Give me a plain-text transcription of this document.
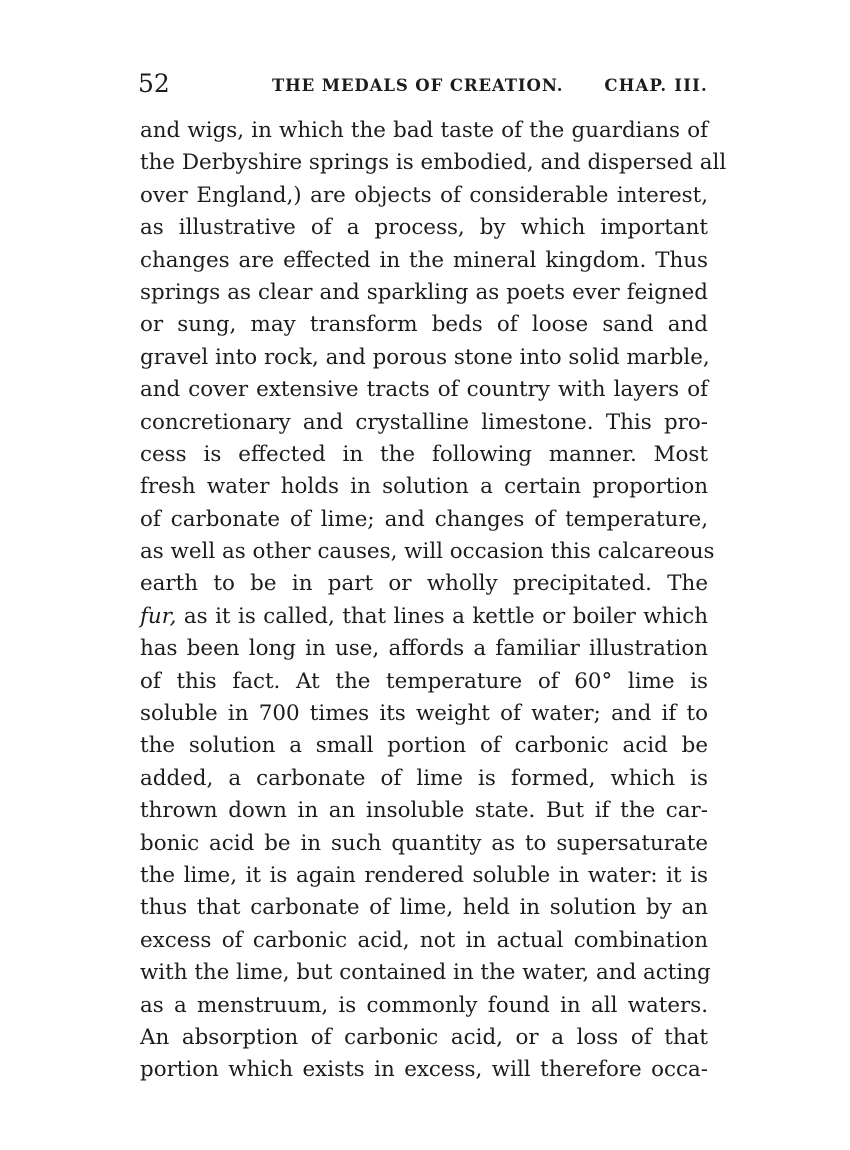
52	THE MEDALS OF CREATION. CHAP. III.
and wigs, in which the bad taste of the guardians of
the Derbyshire springs is embodied, and dispersed all
over England,) are objects of considerable interest,
as illustrative of a process, by which important
changes are effected in the mineral kingdom. Thus
springs as clear and sparkling as poets ever feigned
or sung, may transform beds of loose sand and
gravel into rock, and porous stone into solid marble,
and cover extensive tracts of country with layers of
concretionary and crystalline limestone. This pro-
cess is effected in the following manner. Most
fresh water holds in solution a certain proportion
of carbonate of lime; and changes of temperature,
as well as other causes, will occasion this calcareous
earth to be in part or wholly precipitated. The
fur, as it is called, that lines a kettle or boiler which
has been long in use, affords a familiar illustration
of this fact. At the temperature of 60° lime is
soluble in 700 times its weight of water; and if to
the solution a small portion of carbonic acid be
added, a carbonate of lime is formed, which is
thrown down in an insoluble state. But if the car-
bonic acid be in such quantity as to supersaturate
the lime, it is again rendered soluble in water: it is
thus that carbonate of lime, held in solution by an
excess of carbonic acid, not in actual combination
with the lime, but contained in the water, and acting
as a menstruum, is commonly found in all waters.
An absorption of carbonic acid, or a loss of that
portion which exists in excess, will therefore occa-
